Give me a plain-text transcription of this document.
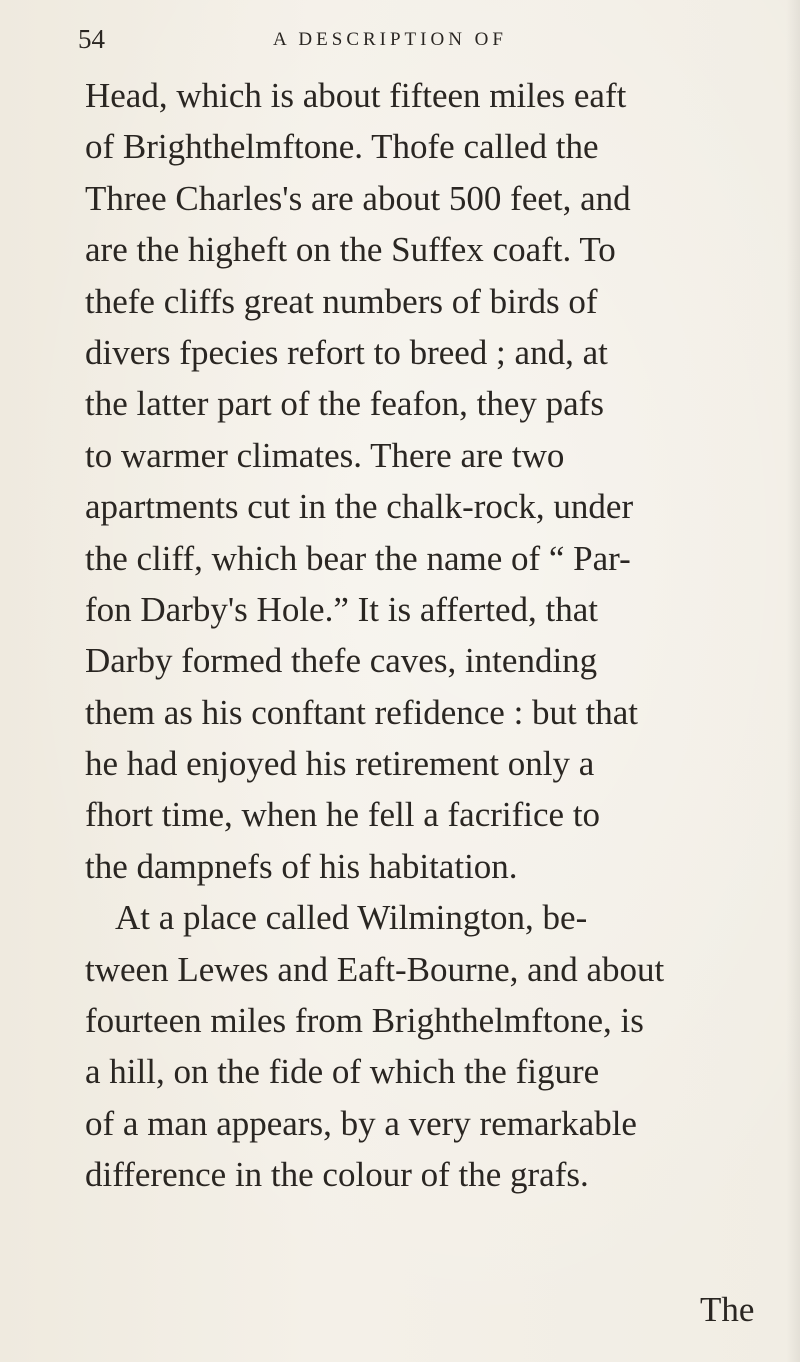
54	A DESCRIPTION OF
Head, which is about fifteen miles eaft
of Brighthelmftone. Thofe called the
Three Charles's are about 500 feet, and
are the higheft on the Suffex coaft. To
thefe cliffs great numbers of birds of
divers fpecies refort to breed ; and, at
the latter part of the feafon, they pafs
to warmer climates. There are two
apartments cut in the chalk-rock, under
the cliff, which bear the name of “ Par-
fon Darby's Hole.” It is afferted, that
Darby formed thefe caves, intending
them as his conftant refidence : but that
he had enjoyed his retirement only a
fhort time, when he fell a facrifice to
the dampnefs of his habitation.
At a place called Wilmington, be-
tween Lewes and Eaft-Bourne, and about
fourteen miles from Brighthelmftone, is
a hill, on the fide of which the figure
of a man appears, by a very remarkable
difference in the colour of the grafs.
The
